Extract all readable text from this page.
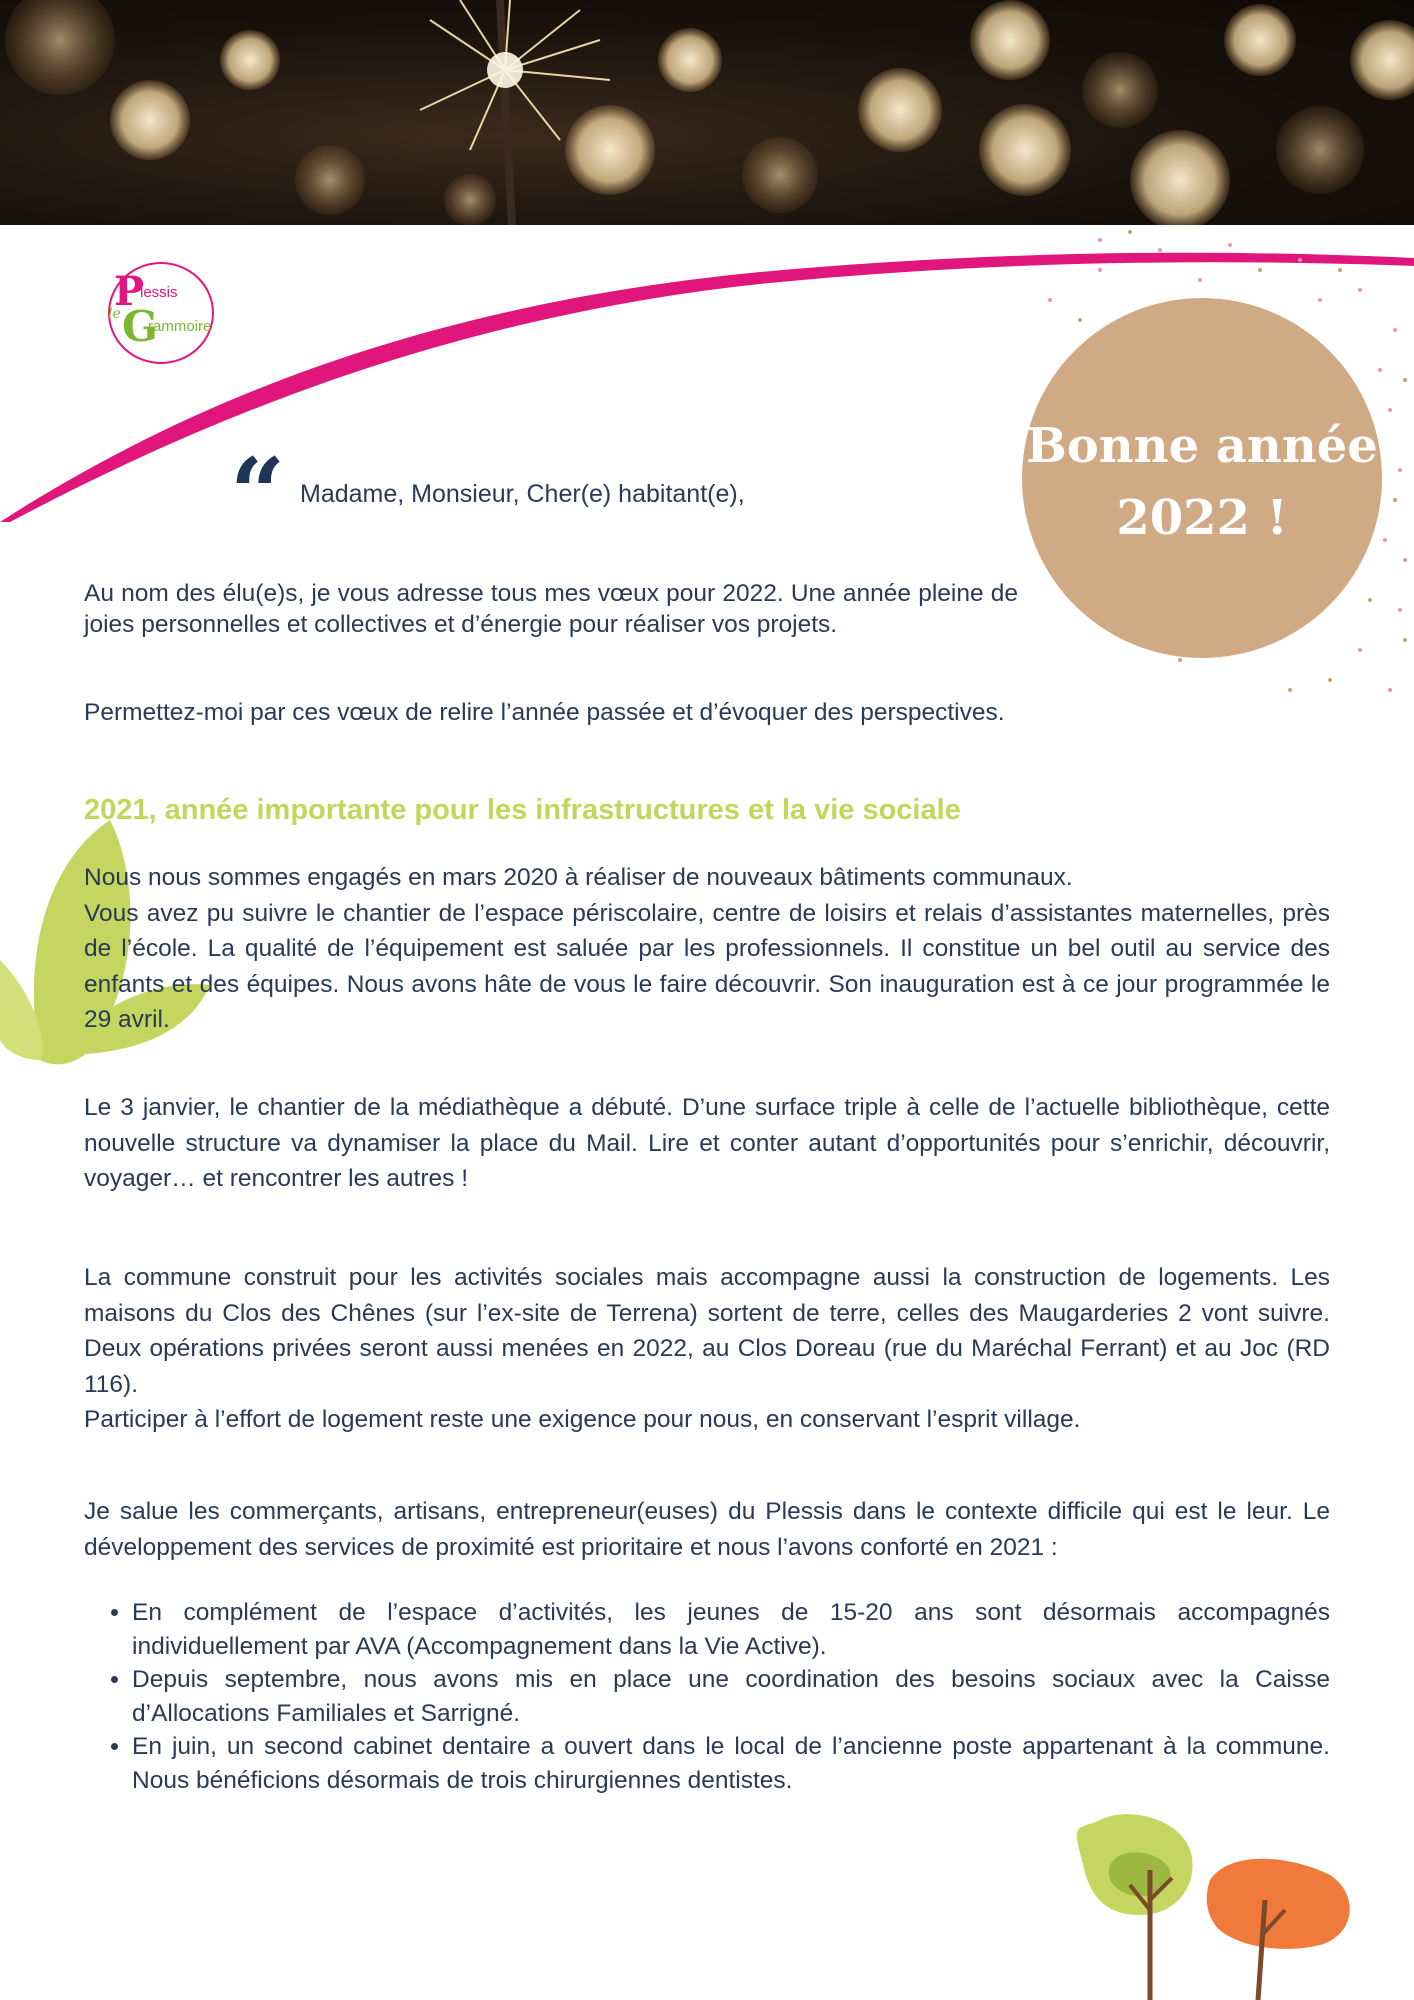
le
P
lessis
G
rammoire
Bonne année
2022 !
“ Madame, Monsieur, Cher(e) habitant(e),
Au nom des élu(e)s, je vous adresse tous mes vœux pour 2022. Une année pleine de joies personnelles et collectives et d’énergie pour réaliser vos projets.
Permettez-moi par ces vœux de relire l’année passée et d’évoquer des perspectives.
2021, année importante pour les infrastructures et la vie sociale

Nous nous sommes engagés en mars 2020 à réaliser de nouveaux bâtiments communaux.

Vous avez pu suivre le chantier de l’espace périscolaire, centre de loisirs et relais d’assistantes maternelles, près de l’école. La qualité de l’équipement est saluée par les professionnels. Il constitue un bel outil au service des enfants et des équipes. Nous avons hâte de vous le faire découvrir. Son inauguration est à ce jour programmée le 29 avril.

Le 3 janvier, le chantier de la médiathèque a débuté. D’une surface triple à celle de l’actuelle bibliothèque, cette nouvelle structure va dynamiser la place du Mail. Lire et conter autant d’opportunités pour s’enrichir, découvrir, voyager… et rencontrer les autres !

La commune construit pour les activités sociales mais accompagne aussi la construction de logements. Les maisons du Clos des Chênes (sur l’ex-site de Terrena) sortent de terre, celles des Maugarderies 2 vont suivre. Deux opérations privées seront aussi menées en 2022, au Clos Doreau (rue du Maréchal Ferrant) et au Joc (RD 116).

Participer à l’effort de logement reste une exigence pour nous, en conservant l’esprit village.

Je salue les commerçants, artisans, entrepreneur(euses) du Plessis dans le contexte difficile qui est le leur. Le développement des services de proximité est prioritaire et nous l’avons conforté en 2021 :
• En complément de l’espace d’activités, les jeunes de 15-20 ans sont désormais accompagnés individuellement par AVA (Accompagnement dans la Vie Active).
• Depuis septembre, nous avons mis en place une coordination des besoins sociaux avec la Caisse d’Allocations Familiales et Sarrigné.
• En juin, un second cabinet dentaire a ouvert dans le local de l’ancienne poste appartenant à la commune. Nous bénéficions désormais de trois chirurgiennes dentistes.
